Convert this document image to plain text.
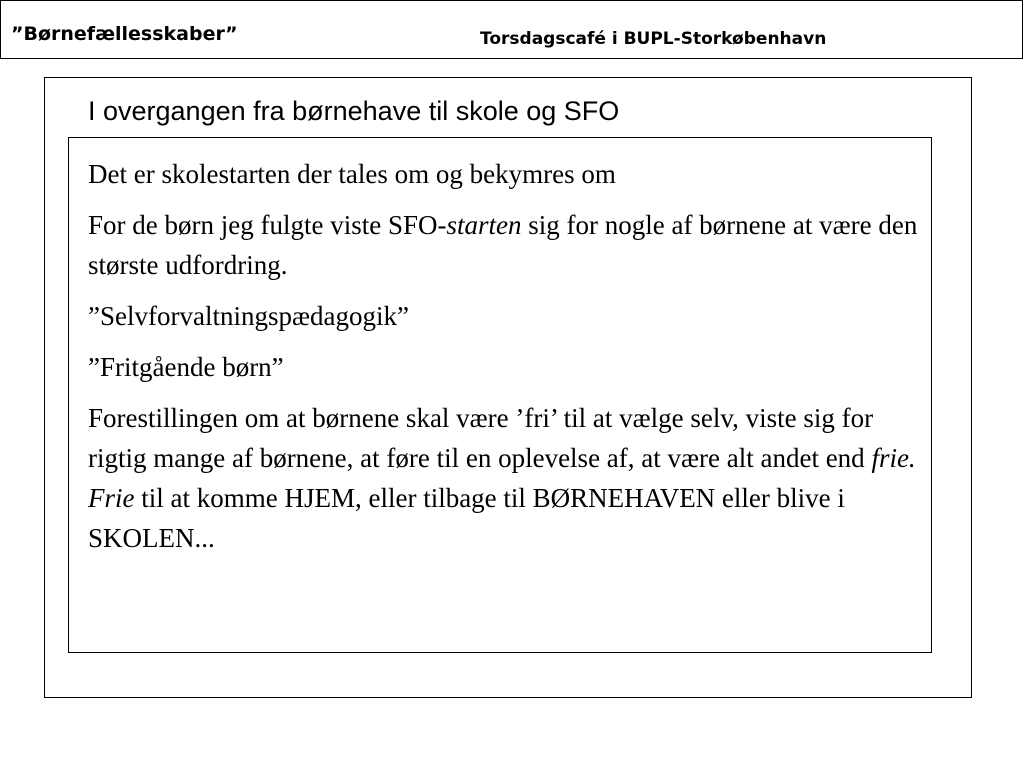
”Børnefællesskaber”	Torsdagscafé i BUPL-Storkøbenhavn
I overgangen fra børnehave til skole og SFO

Det er skolestarten der tales om og bekymres om

For de børn jeg fulgte viste SFO-starten sig for nogle af børnene at være den største udfordring.

”Selvforvaltningspædagogik”

”Fritgående børn”

Forestillingen om at børnene skal være ’fri’ til at vælge selv, viste sig for rigtig mange af børnene, at føre til en oplevelse af, at være alt andet end frie. Frie til at komme HJEM, eller tilbage til BØRNEHAVEN eller blive i SKOLEN...
